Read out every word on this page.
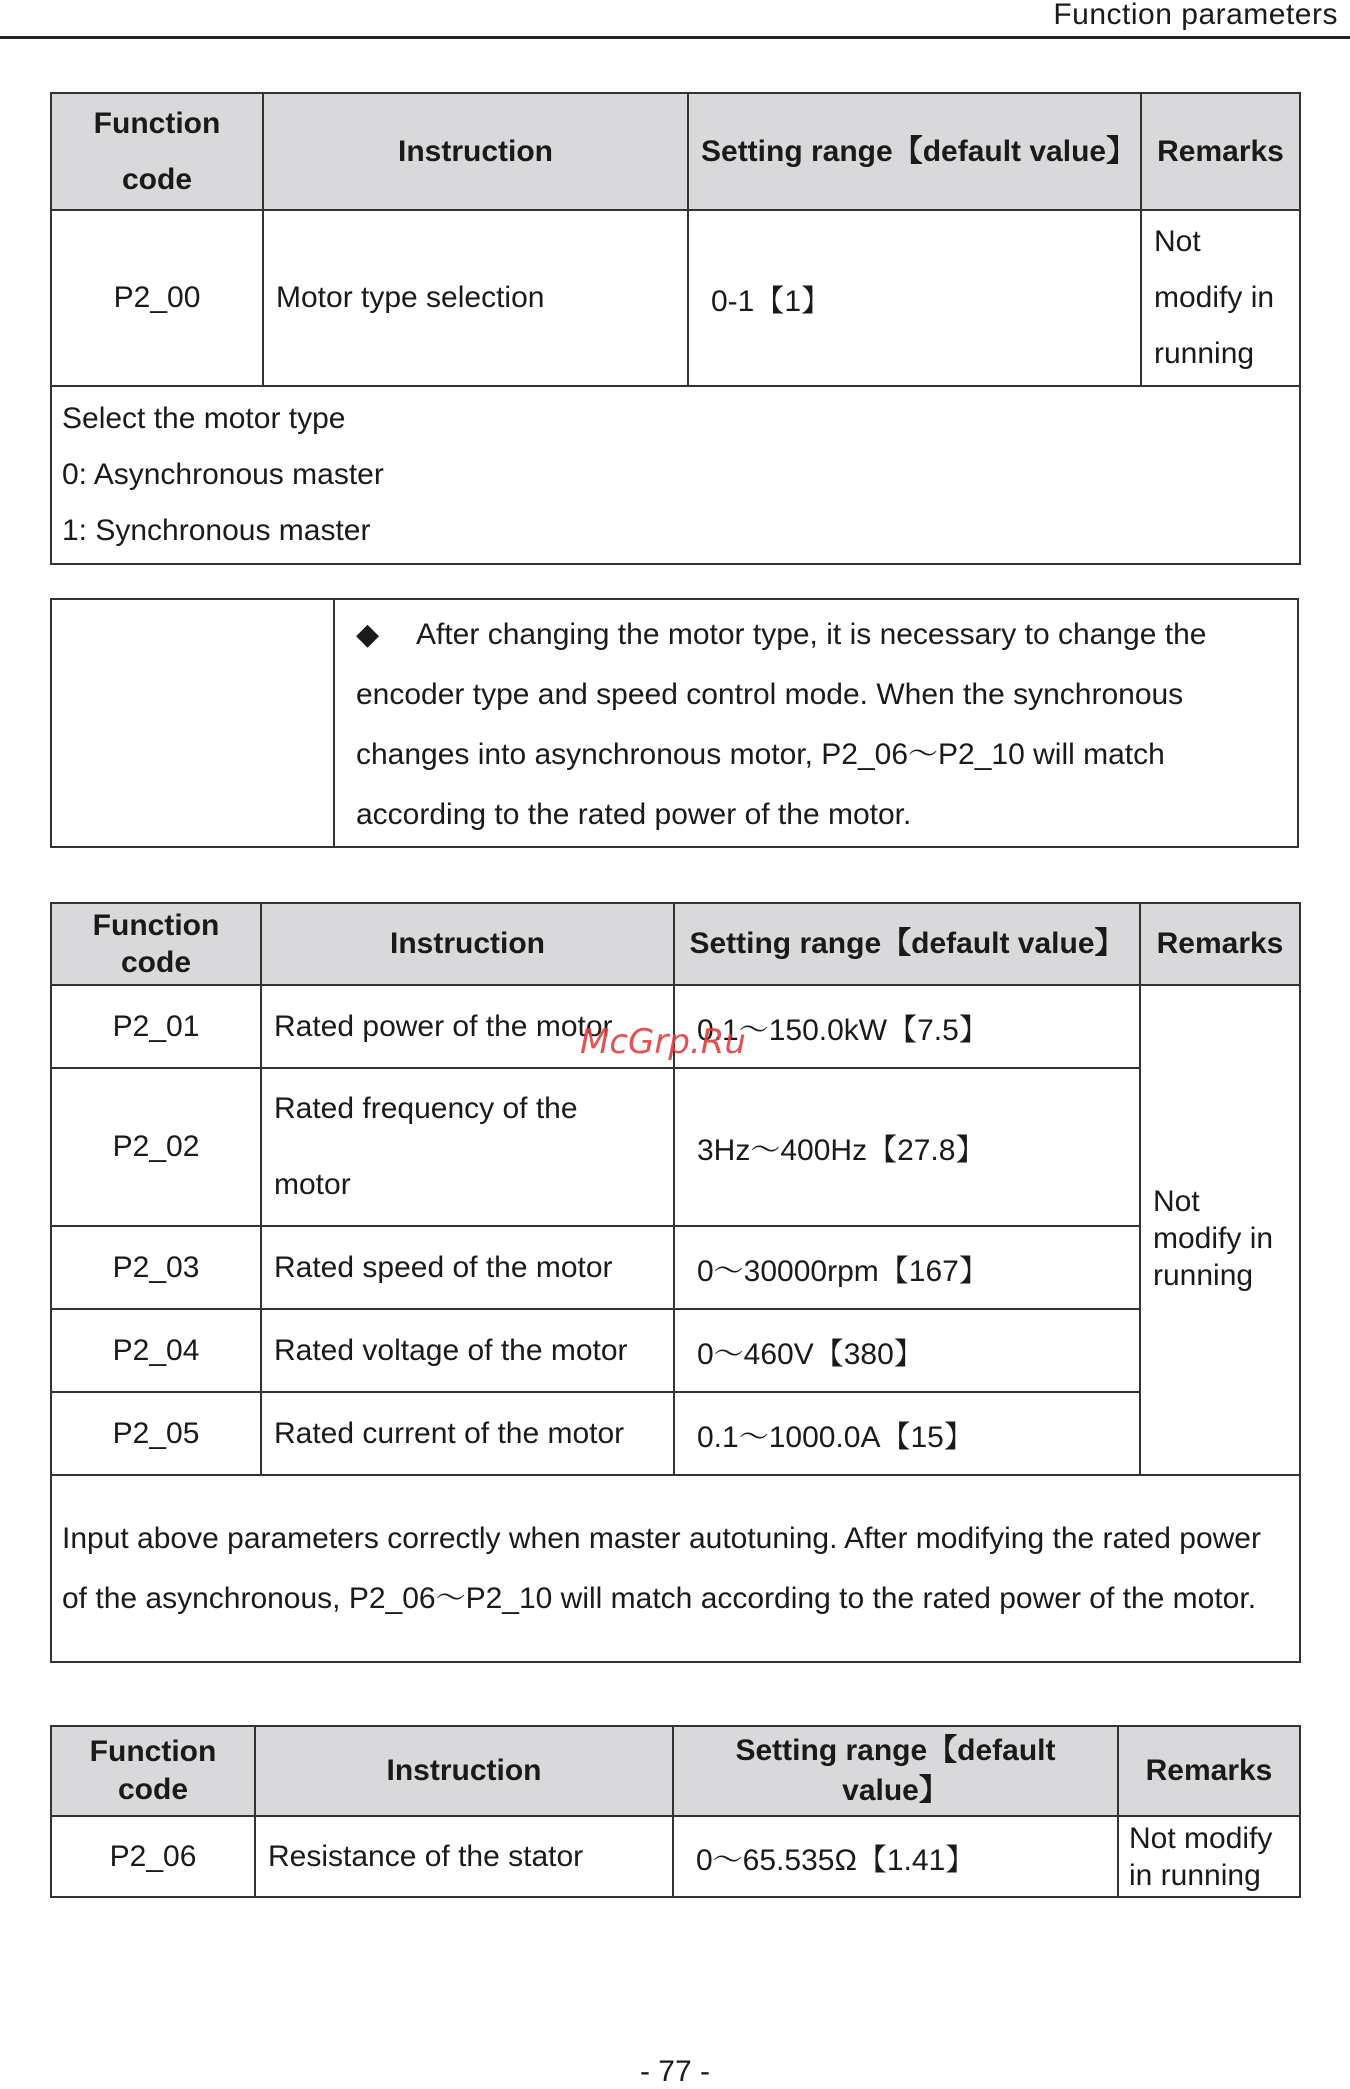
Function parameters
Function code	Instruction	Setting range【default value】	Remarks
P2_00	Motor type selection	0-1【1】	Not modify in running

Select the motor type
0: Asynchronous master
1: Synchronous master			

◆ After changing the motor type, it is necessary to change the encoder type and speed control mode. When the synchronous changes into asynchronous motor, P2_06～P2_10 will match according to the rated power of the motor.
Function code	Instruction	Setting range【default value】	Remarks
P2_01	Rated power of the motor	0.1～150.0kW【7.5】	Not modify in running
P2_02	Rated frequency of the motor	3Hz～400Hz【27.8】	
P2_03	Rated speed of the motor	0～30000rpm【167】	
P2_04	Rated voltage of the motor	0～460V【380】	
P2_05	Rated current of the motor	0.1～1000.0A【15】	
Input above parameters correctly when master autotuning. After modifying the rated power of the asynchronous, P2_06～P2_10 will match according to the rated power of the motor.			
McGrp.Ru
Function code	Instruction	Setting range【default value】	Remarks
P2_06	Resistance of the stator	0～65.535Ω【1.41】	Not modify in running
- 77 -
